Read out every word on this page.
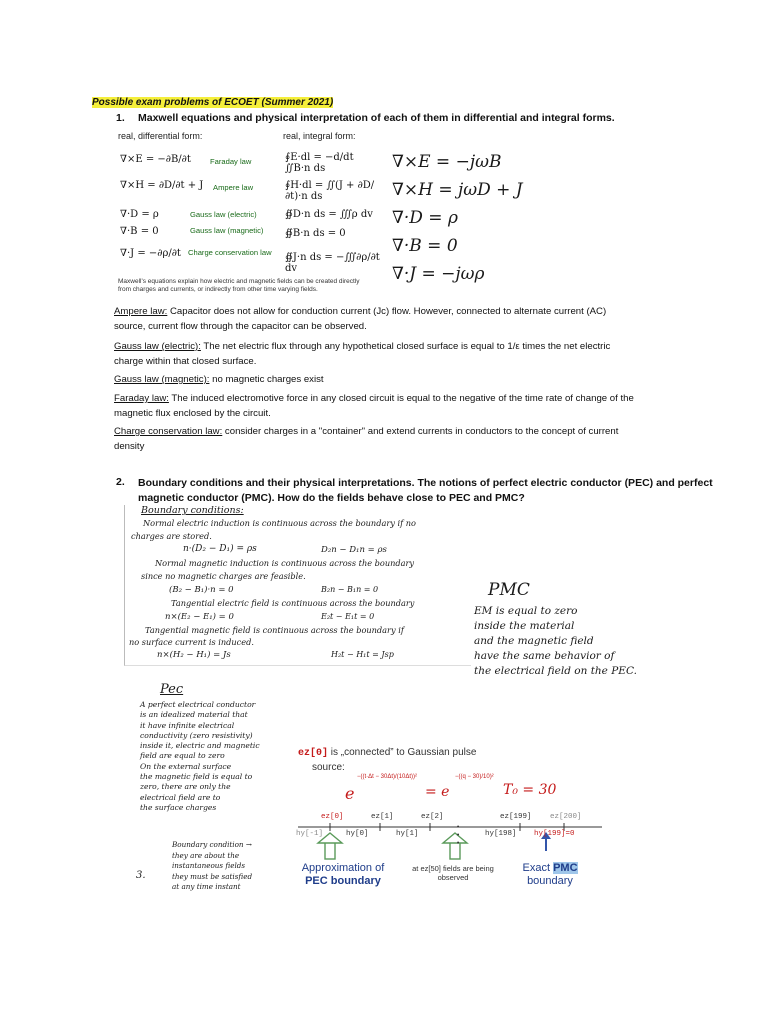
Possible exam problems of ECOET (Summer 2021)
1. Maxwell equations and physical interpretation of each of them in differential and integral forms.
real, differential form:	real, integral form:
∇×E = −∂B/∂t	Faraday law	∮E·dl = −d/dt ∬B·n ds
∇×H = ∂D/∂t + J Ampere law	∮H·dl = ∬(J + ∂D/∂t)·n ds
∇·D = ρ	Gauss law (electric)	∯D·n ds = ∭ρ dv
∇·B = 0	Gauss law (magnetic) ∯B·n ds = 0
∇·J = −∂ρ/∂t Charge conservation law ∯J·n ds = −∭∂ρ/∂t dv
Maxwell's equations explain how electric and magnetic fields can be created directly
from charges and currents, or indirectly from other time varying fields.
∇×E = −jωB
∇×H = jωD + J
∇·D = ρ
∇·B = 0
∇·J = −jωρ
Ampere law: Capacitor does not allow for conduction current (Jc) flow. However, connected to alternate current (AC)
source, current flow through the capacitor can be observed.
Gauss law (electric): The net electric flux through any hypothetical closed surface is equal to 1/ε times the net electric
charge within that closed surface.
Gauss law (magnetic): no magnetic charges exist
Faraday law: The induced electromotive force in any closed circuit is equal to the negative of the time rate of change of the
magnetic flux enclosed by the circuit.
Charge conservation law: consider charges in a "container" and extend currents in conductors to the concept of current
density
2. Boundary conditions and their physical interpretations. The notions of perfect electric conductor (PEC) and perfect
magnetic conductor (PMC). How do the fields behave close to PEC and PMC?
Boundary conditions:
Normal electric induction is continuous across the boundary if no
charges are stored.
n·(D₂ − D₁) = ρs	D₂n − D₁n = ρs
Normal magnetic induction is continuous across the boundary
since no magnetic charges are feasible.
(B₂ − B₁)·n = 0	B₂n − B₁n = 0
Tangential electric field is continuous across the boundary
n×(E₂ − E₁) = 0	E₂t − E₁t = 0
Tangential magnetic field is continuous across the boundary if
no surface current is induced.
n×(H₂ − H₁) = Js	H₂t − H₁t = Jsp
PMC
EM is equal to zero
inside the material
and the magnetic field
have the same behavior of
the electrical field on the PEC.
Pec
A perfect electrical conductor
is an idealized material that
it have infinite electrical
conductivity (zero resistivity)
inside it, electric and magnetic
field are equal to zero
On the external surface
the magnetic field is equal to
zero, there are only the
electrical field are to
the surface charges
Boundary condition →
they are about the
instantaneous fields
they must be satisfied
at any time instant
3.
ez[0] is „connected” to Gaussian pulse
source:
e
−((t·Δt − 30Δt)/(10Δt))²
= e
−((q − 30)/10)²
T₀ = 30
ez[0]	ez[1]	ez[2]	ez[199] ez[200]
hy[-1]	hy[0]	hy[1]	hy[198] hy[199]=0
• • •
Approximation of
PEC boundary
at ez[50] fields are being
observed
Exact PMC
boundary
